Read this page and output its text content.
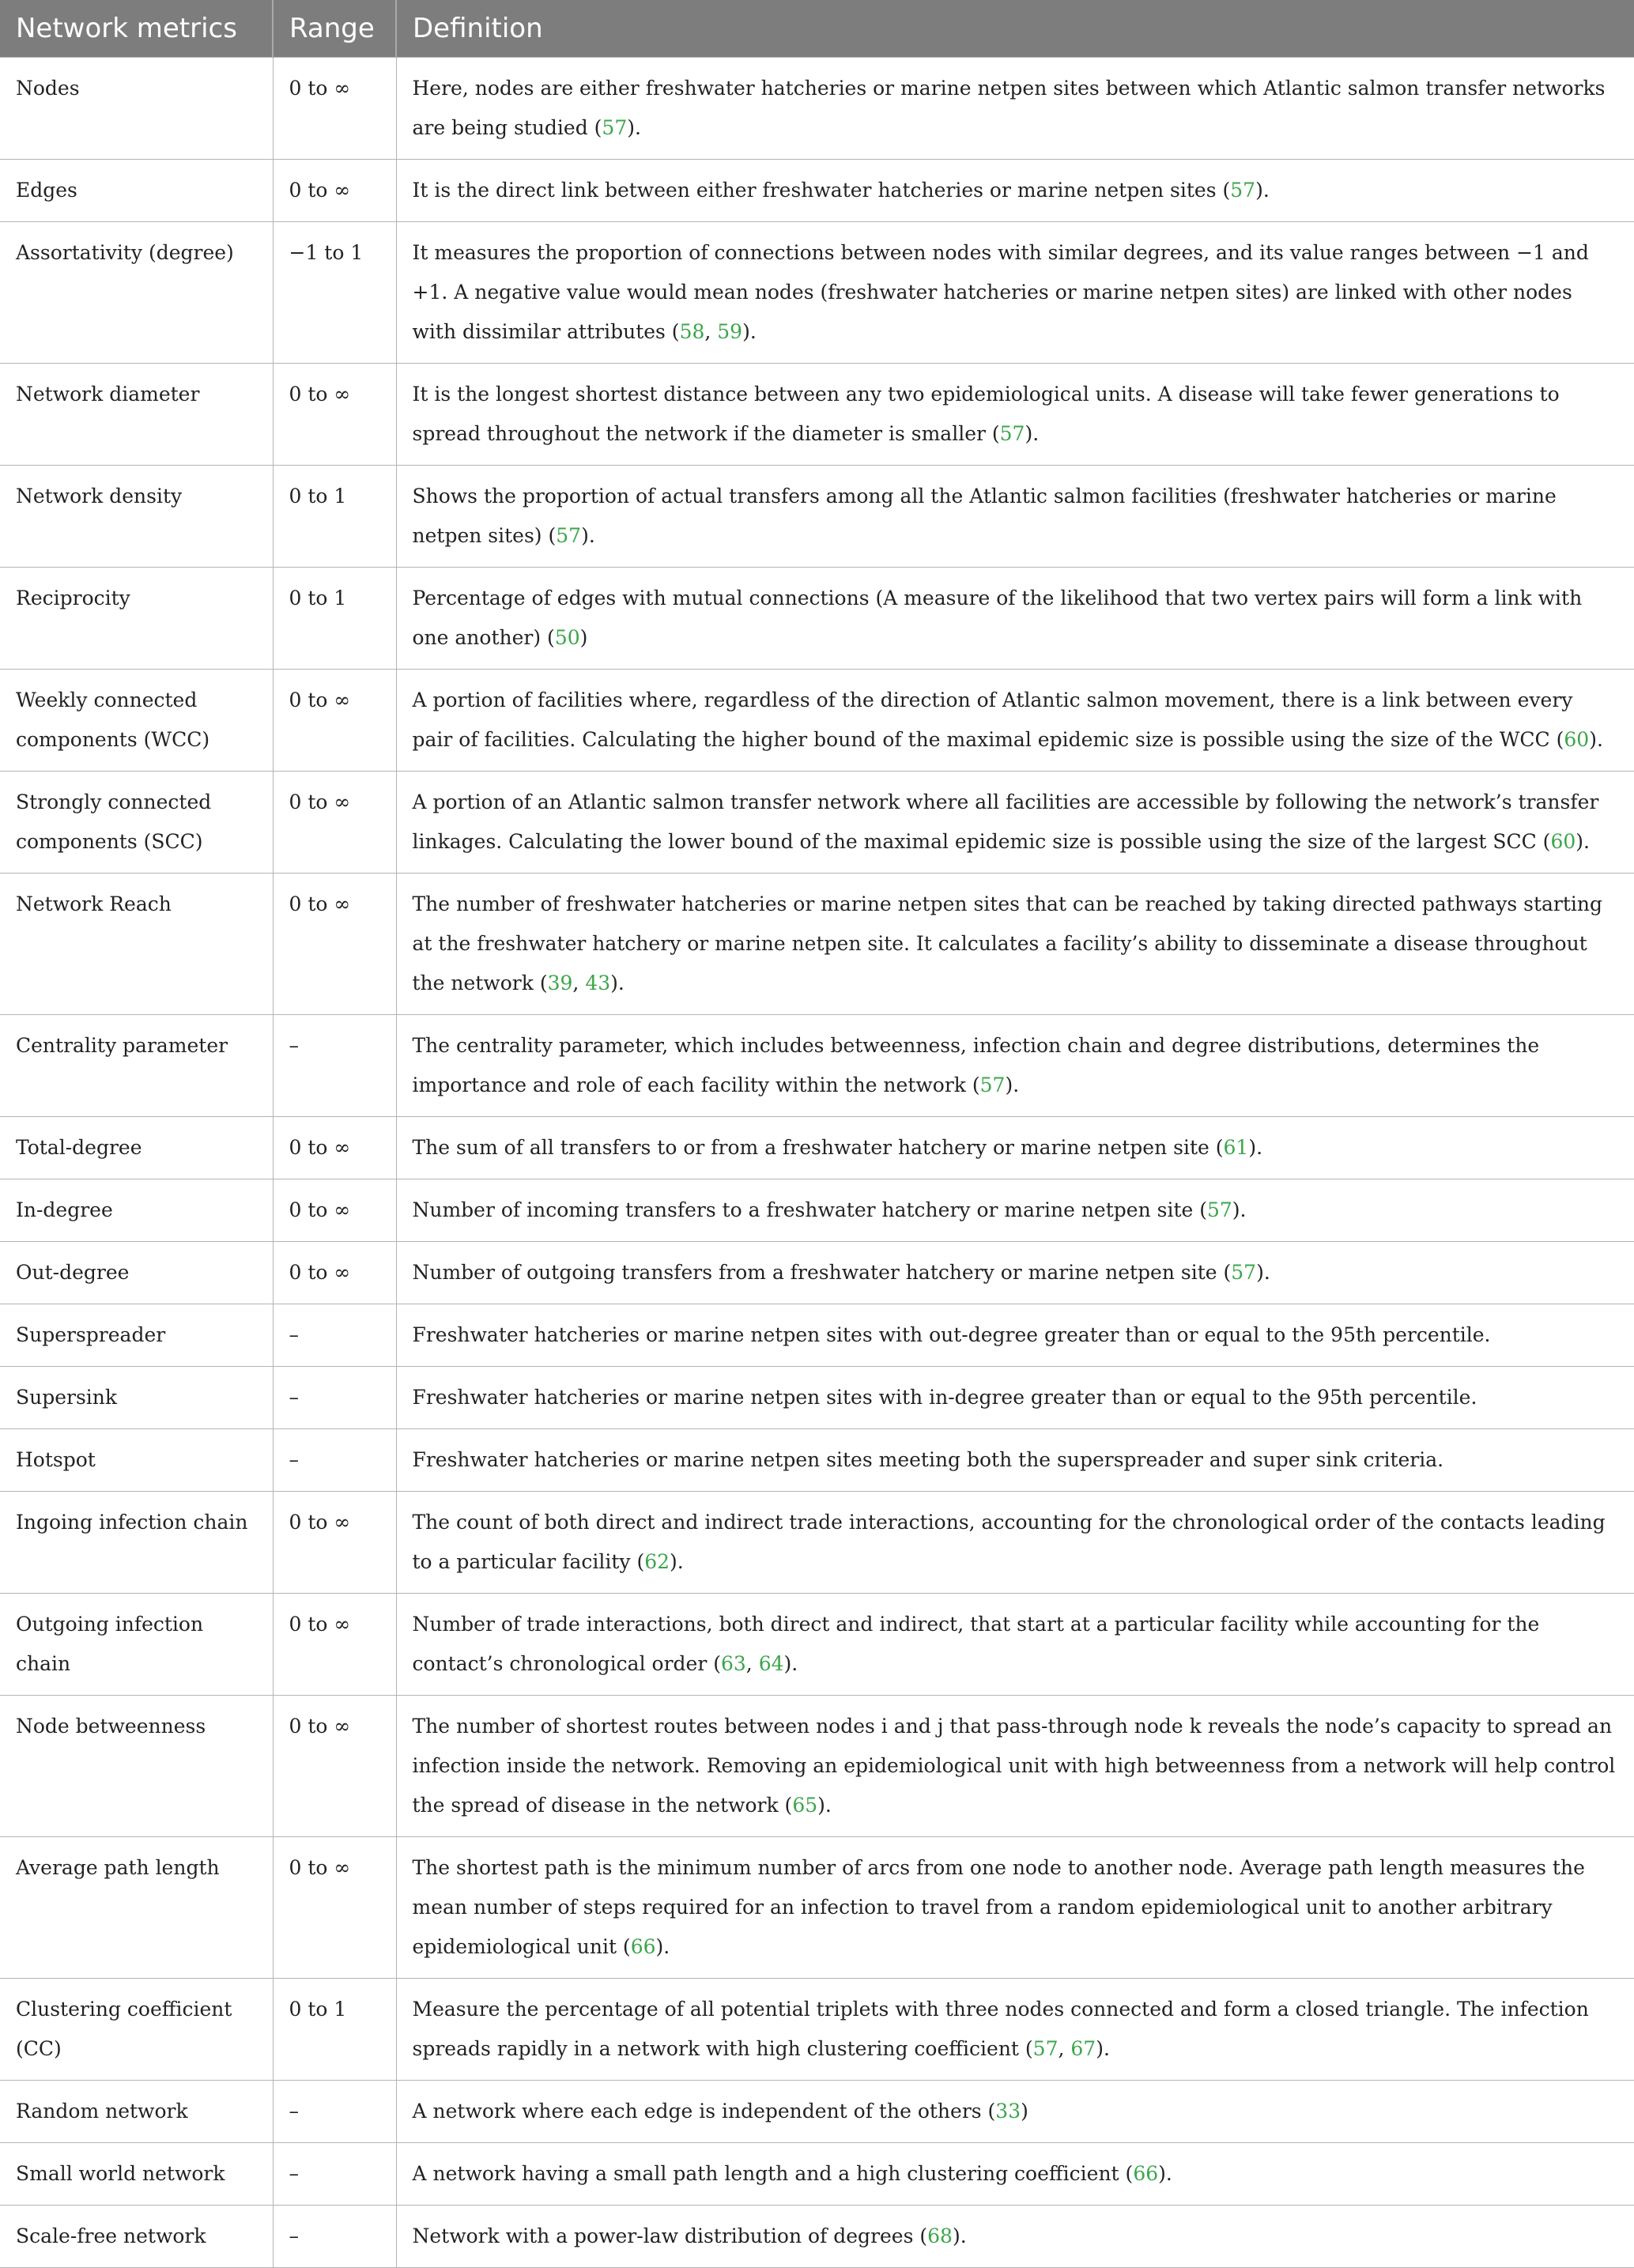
Network metrics	Range	Definition
Nodes	0 to ∞	Here, nodes are either freshwater hatcheries or marine netpen sites between which Atlantic salmon transfer networks are being studied (57).
Edges	0 to ∞	It is the direct link between either freshwater hatcheries or marine netpen sites (57).
Assortativity (degree)	−1 to 1	It measures the proportion of connections between nodes with similar degrees, and its value ranges between −1 and +1. A negative value would mean nodes (freshwater hatcheries or marine netpen sites) are linked with other nodes with dissimilar attributes (58, 59).
Network diameter	0 to ∞	It is the longest shortest distance between any two epidemiological units. A disease will take fewer generations to spread throughout the network if the diameter is smaller (57).
Network density	0 to 1	Shows the proportion of actual transfers among all the Atlantic salmon facilities (freshwater hatcheries or marine netpen sites) (57).
Reciprocity	0 to 1	Percentage of edges with mutual connections (A measure of the likelihood that two vertex pairs will form a link with one another) (50)
Weekly connected components (WCC)	0 to ∞	A portion of facilities where, regardless of the direction of Atlantic salmon movement, there is a link between every pair of facilities. Calculating the higher bound of the maximal epidemic size is possible using the size of the WCC (60).
Strongly connected components (SCC)	0 to ∞	A portion of an Atlantic salmon transfer network where all facilities are accessible by following the network’s transfer linkages. Calculating the lower bound of the maximal epidemic size is possible using the size of the largest SCC (60).
Network Reach	0 to ∞	The number of freshwater hatcheries or marine netpen sites that can be reached by taking directed pathways starting at the freshwater hatchery or marine netpen site. It calculates a facility’s ability to disseminate a disease throughout the network (39, 43).
Centrality parameter	–	The centrality parameter, which includes betweenness, infection chain and degree distributions, determines the importance and role of each facility within the network (57).
Total-degree	0 to ∞	The sum of all transfers to or from a freshwater hatchery or marine netpen site (61).
In-degree	0 to ∞	Number of incoming transfers to a freshwater hatchery or marine netpen site (57).
Out-degree	0 to ∞	Number of outgoing transfers from a freshwater hatchery or marine netpen site (57).
Superspreader	–	Freshwater hatcheries or marine netpen sites with out-degree greater than or equal to the 95th percentile.
Supersink	–	Freshwater hatcheries or marine netpen sites with in-degree greater than or equal to the 95th percentile.
Hotspot	–	Freshwater hatcheries or marine netpen sites meeting both the superspreader and super sink criteria.
Ingoing infection chain	0 to ∞	The count of both direct and indirect trade interactions, accounting for the chronological order of the contacts leading to a particular facility (62).
Outgoing infection chain	0 to ∞	Number of trade interactions, both direct and indirect, that start at a particular facility while accounting for the contact’s chronological order (63, 64).
Node betweenness	0 to ∞	The number of shortest routes between nodes i and j that pass-through node k reveals the node’s capacity to spread an infection inside the network. Removing an epidemiological unit with high betweenness from a network will help control the spread of disease in the network (65).
Average path length	0 to ∞	The shortest path is the minimum number of arcs from one node to another node. Average path length measures the mean number of steps required for an infection to travel from a random epidemiological unit to another arbitrary epidemiological unit (66).
Clustering coefficient (CC)	0 to 1	Measure the percentage of all potential triplets with three nodes connected and form a closed triangle. The infection spreads rapidly in a network with high clustering coefficient (57, 67).
Random network	–	A network where each edge is independent of the others (33)
Small world network	–	A network having a small path length and a high clustering coefficient (66).
Scale-free network	–	Network with a power-law distribution of degrees (68).
